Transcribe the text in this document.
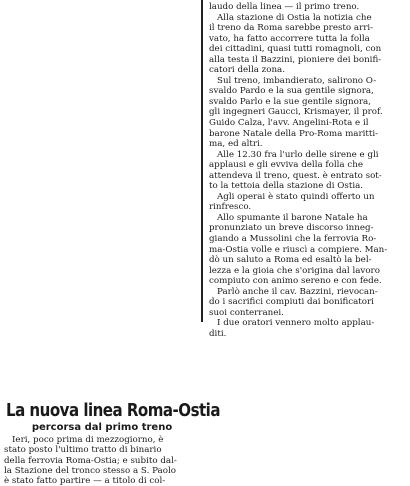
laudo della linea — il primo treno.
Alla stazione di Ostia la notizia che
il treno da Roma sarebbe presto arri-
vato, ha fatto accorrere tutta la folla
dei cittadini, quasi tutti romagnoli, con
alla testa il Bazzini, pioniere dei bonifi-
catori della zona.
Sul treno, imbandierato, salirono O-
svaldo Pardo e la sua gentile signora,
svaldo Parlo e la sue gentile signora,
gli ingegneri Gaucci, Krismayer, il prof.
Guido Calza, l'avv. Angelini-Rota e il
barone Natale della Pro-Roma maritti-
ma, ed altri.
Alle 12.30 fra l'urlo delle sirene e gli
applausi e gli evviva della folla che
attendeva il treno, quest. è entrato sot-
to la tettoia della stazione di Ostia.
Agli operai è stato quindi offerto un
rinfresco.
Allo spumante il barone Natale ha
pronunziato un breve discorso inneg-
giando a Mussolini che la ferrovia Ro-
ma-Ostia volle e riuscì a compiere. Man-
dò un saluto a Roma ed esaltò la bel-
lezza e la gioia che s'origina dal lavoro
compiuto con animo sereno e con fede.
Parlò anche il cav. Bazzini, rievocan-
do i sacrifici compiuti dai bonificatori
suoi conterranei.
I due oratori vennero molto applau-
diti.
La nuova linea Roma-Ostia
percorsa dal primo treno
Ieri, poco prima di mezzogiorno, è
stato posto l'ultimo tratto di binario
della ferrovia Roma-Ostia; e subito dal-
la Stazione del tronco stesso a S. Paolo
è stato fatto partire — a titolo di col-
